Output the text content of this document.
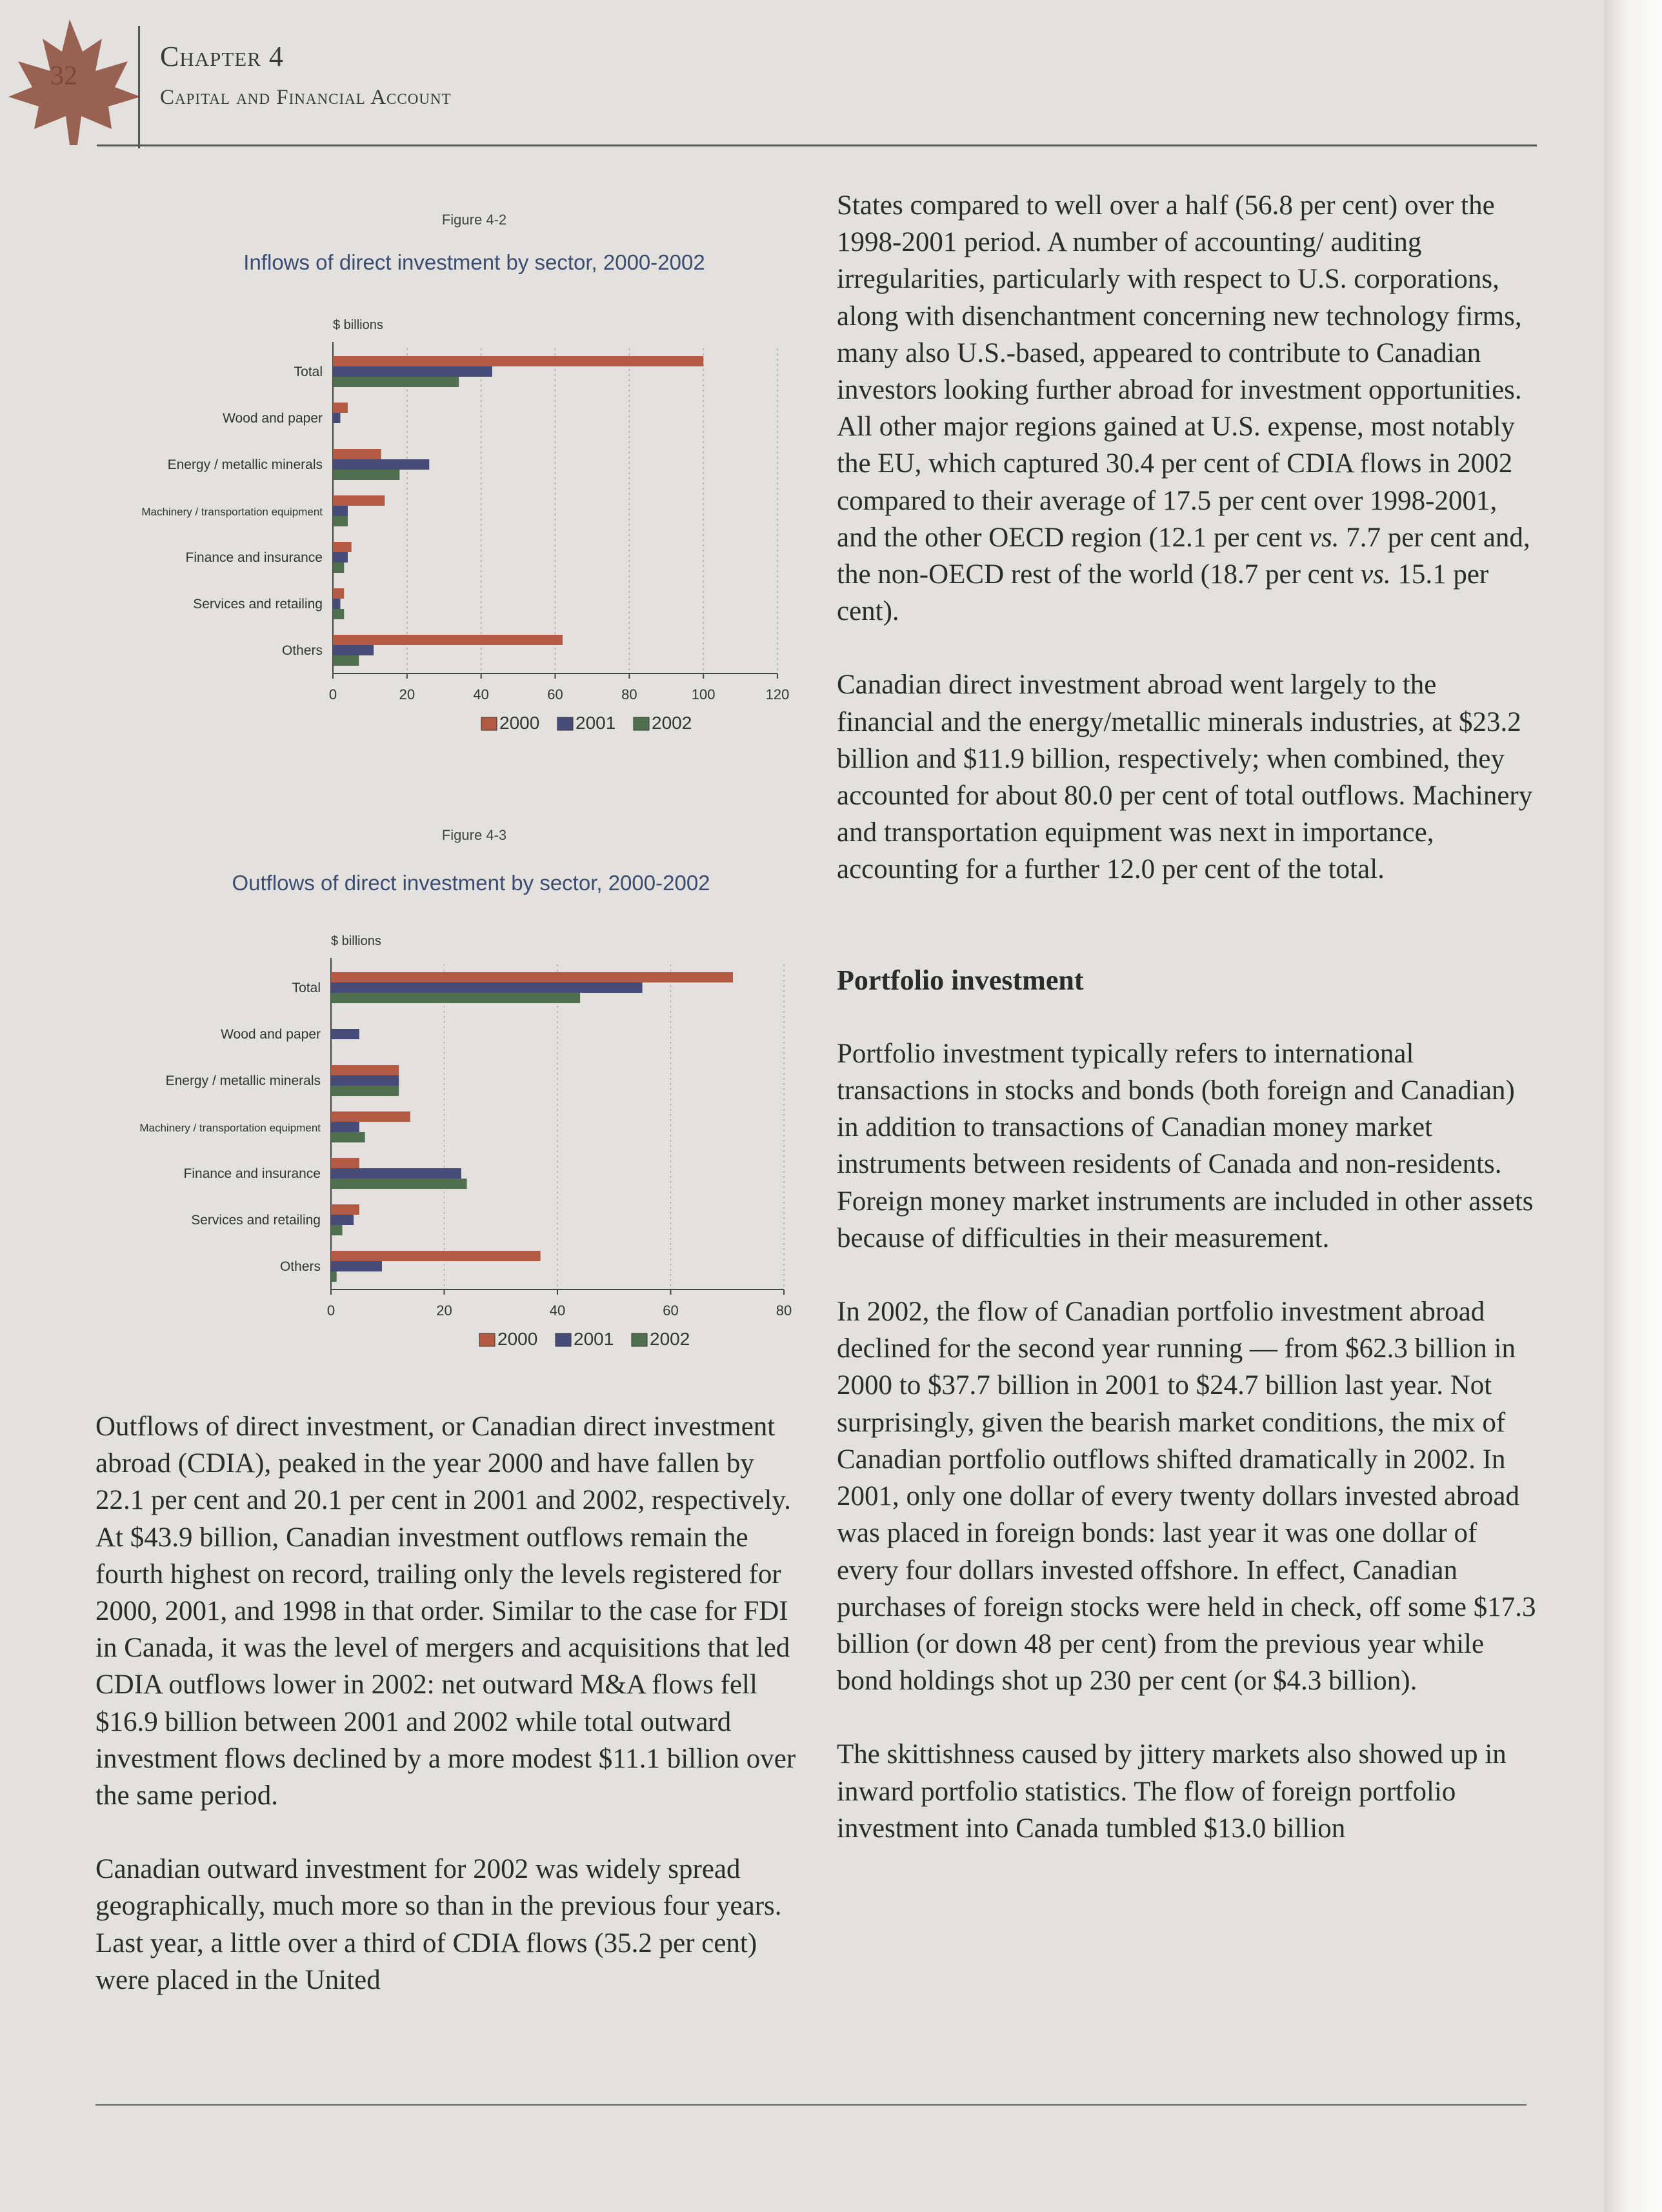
32
Chapter 4
Capital and Financial Account
Figure 4-2
Inflows of direct investment by sector, 2000-2002
$ billions
0	20	40	60	80	100	120
Total
Wood and paper
Energy / metallic minerals
Machinery / transportation equipment
Finance and insurance
Services and retailing
Others
2000 2001 2002
Figure 4-3
Outflows of direct investment by sector, 2000-2002
$ billions
0	20	40	60	80
Total
Wood and paper
Energy / metallic minerals
Machinery / transportation equipment
Finance and insurance
Services and retailing
Others
2000 2001 2002

Outflows of direct investment, or Canadian direct investment abroad (CDIA), peaked in the year 2000 and have fallen by 22.1 per cent and 20.1 per cent in 2001 and 2002, respectively. At $43.9 billion, Canadian investment outflows remain the fourth highest on record, trailing only the levels registered for 2000, 2001, and 1998 in that order. Similar to the case for FDI in Canada, it was the level of mergers and acquisitions that led CDIA outflows lower in 2002: net outward M&A flows fell $16.9 billion between 2001 and 2002 while total outward investment flows declined by a more modest $11.1 billion over the same period.

Canadian outward investment for 2002 was widely spread geographically, much more so than in the previous four years. Last year, a little over a third of CDIA flows (35.2 per cent) were placed in the United

States compared to well over a half (56.8 per cent) over the 1998-2001 period. A number of accounting/ auditing irregularities, particularly with respect to U.S. corporations, along with disenchantment concerning new technology firms, many also U.S.-based, appeared to contribute to Canadian investors looking further abroad for investment opportunities. All other major regions gained at U.S. expense, most notably the EU, which captured 30.4 per cent of CDIA flows in 2002 compared to their average of 17.5 per cent over 1998-2001, and the other OECD region (12.1 per cent vs. 7.7 per cent and, the non-OECD rest of the world (18.7 per cent vs. 15.1 per cent).

Canadian direct investment abroad went largely to the financial and the energy/metallic minerals industries, at $23.2 billion and $11.9 billion, respectively; when combined, they accounted for about 80.0 per cent of total outflows. Machinery and transportation equipment was next in importance, accounting for a further 12.0 per cent of the total.

Portfolio investment

Portfolio investment typically refers to international transactions in stocks and bonds (both foreign and Canadian) in addition to transactions of Canadian money market instruments between residents of Canada and non-residents. Foreign money market instruments are included in other assets because of difficulties in their measurement.

In 2002, the flow of Canadian portfolio investment abroad declined for the second year running — from $62.3 billion in 2000 to $37.7 billion in 2001 to $24.7 billion last year. Not surprisingly, given the bearish market conditions, the mix of Canadian portfolio outflows shifted dramatically in 2002. In 2001, only one dollar of every twenty dollars invested abroad was placed in foreign bonds: last year it was one dollar of every four dollars invested offshore. In effect, Canadian purchases of foreign stocks were held in check, off some $17.3 billion (or down 48 per cent) from the previous year while bond holdings shot up 230 per cent (or $4.3 billion).

The skittishness caused by jittery markets also showed up in inward portfolio statistics. The flow of foreign portfolio investment into Canada tumbled $13.0 billion
